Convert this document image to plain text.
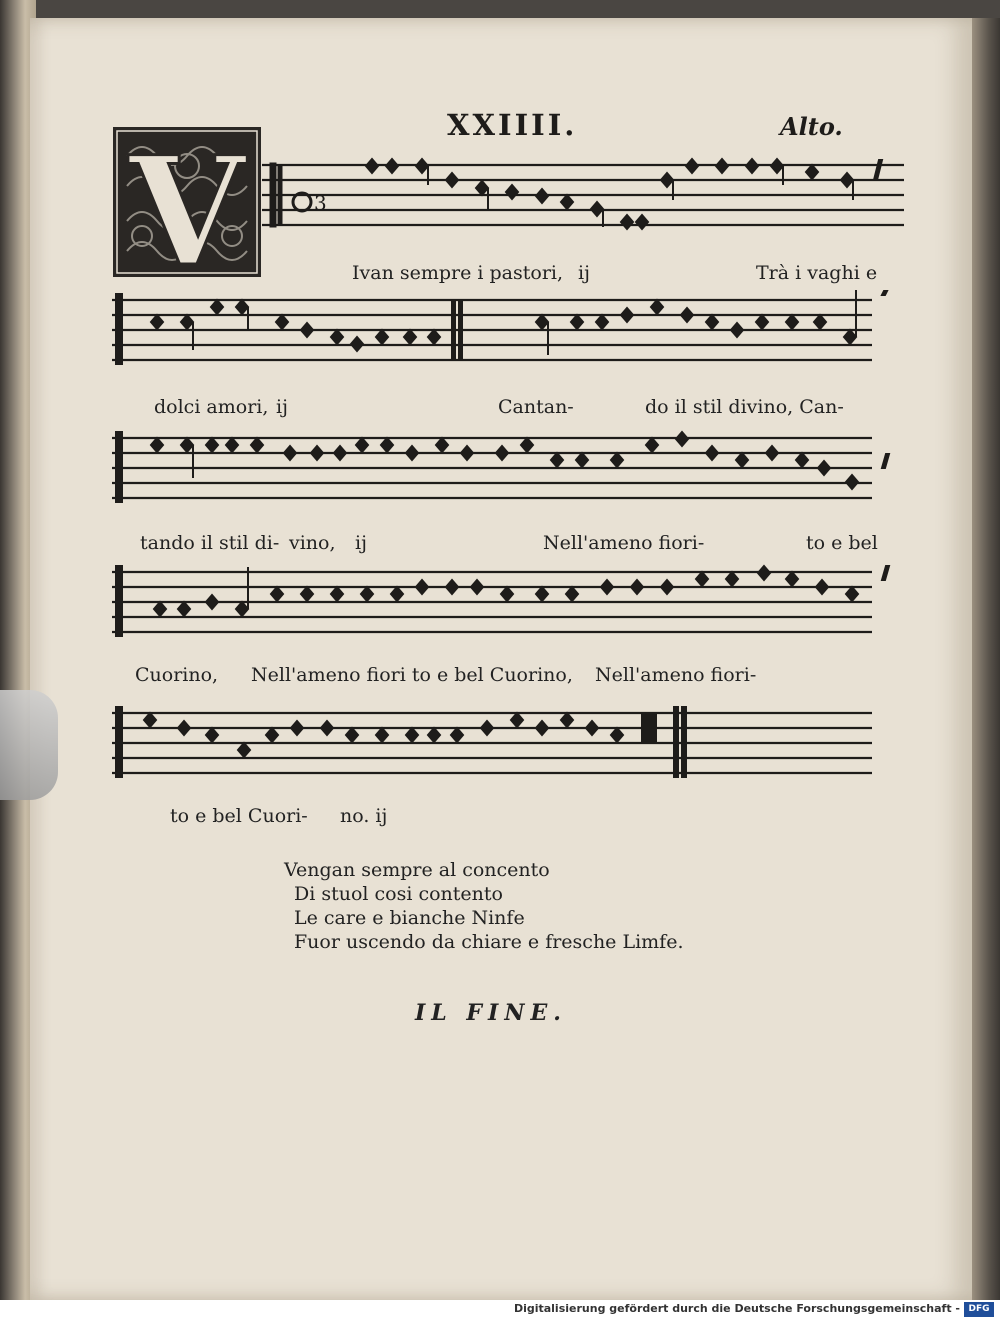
XXIIII.	Alto.
V	3
Ivan sempre i pastori, ij	Trà i vaghi e
dolci amori, ij	Cantan-	do il stil divino, Can-
tando il stil di- vino, ij	Nell'ameno fiori-	to e bel
Cuorino, Nell'ameno fiori to e bel Cuorino, Nell'ameno fiori-
to e bel Cuori- no. ij
Vengan sempre al concento
Di stuol cosi contento
Le care e bianche Ninfe
Fuor uscendo da chiare e fresche Limfe.
IL FINE.
Digitalisierung gefördert durch die Deutsche Forschungsgemeinschaft - DFG
